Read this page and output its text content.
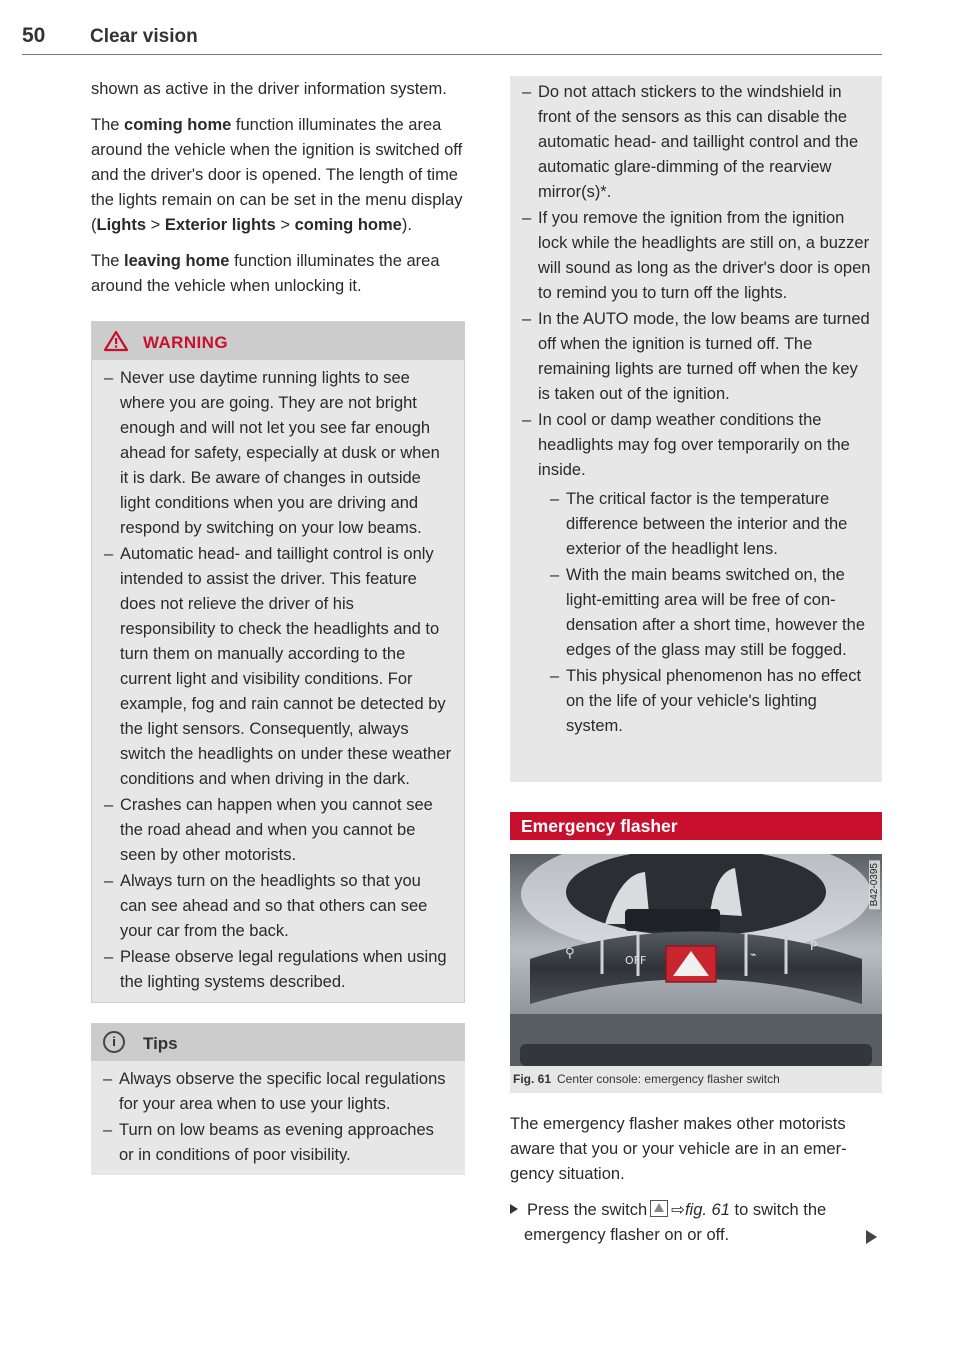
50 Clear vision

shown as active in the driver information system.

The coming home function illuminates the area around the vehicle when the ignition is switched off and the driver's door is opened. The length of time the lights remain on can be set in the menu display (Lights > Exterior lights > coming home).

The leaving home function illuminates the area around the vehicle when unlocking it.

WARNING
– Never use daytime running lights to see where you are going. They are not bright enough and will not let you see far enough ahead for safety, especially at dusk or when it is dark. Be aware of changes in outside light conditions when you are driving and respond by switching on your low beams.
– Automatic head- and taillight control is only intended to assist the driver. This feature does not relieve the driver of his responsibility to check the headlights and to turn them on manually according to the current light and visibility conditions. For example, fog and rain cannot be detected by the light sensors. Consequently, always switch the headlights on under these weather conditions and when driving in the dark.
– Crashes can happen when you cannot see the road ahead and when you cannot be seen by other motorists.
– Always turn on the headlights so that you can see ahead and so that others can see your car from the back.
– Please observe legal regulations when using the lighting systems described.
i	Tips
– Always observe the specific local regulations for your area when to use your lights.
– Turn on low beams as evening approaches or in conditions of poor visibility.
– Do not attach stickers to the windshield in front of the sensors as this can disable the automatic head- and taillight control and the automatic glare-dimming of the rearview mirror(s)*.
– If you remove the ignition from the ignition lock while the headlights are still on, a buzzer will sound as long as the driver's door is open to remind you to turn off the lights.
– In the AUTO mode, the low beams are turned off when the ignition is turned off. The remaining lights are turned off when the key is taken out of the ignition.
– In cool or damp weather conditions the headlights may fog over temporarily on the inside.
– The critical factor is the temperature difference between the interior and the exterior of the headlight lens.
– With the main beams switched on, the light-emitting area will be free of condensation after a short time, however the edges of the glass may still be fogged.
– This physical phenomenon has no effect on the life of your vehicle's lighting system.
Emergency flasher
⚲	OFF	⌁
P
B42-0395
Fig. 61 Center console: emergency flasher switch

The emergency flasher makes other motorists aware that you or your vehicle are in an emergency situation.

Press the switch ⇨fig. 61 to switch the emergency flasher on or off.
